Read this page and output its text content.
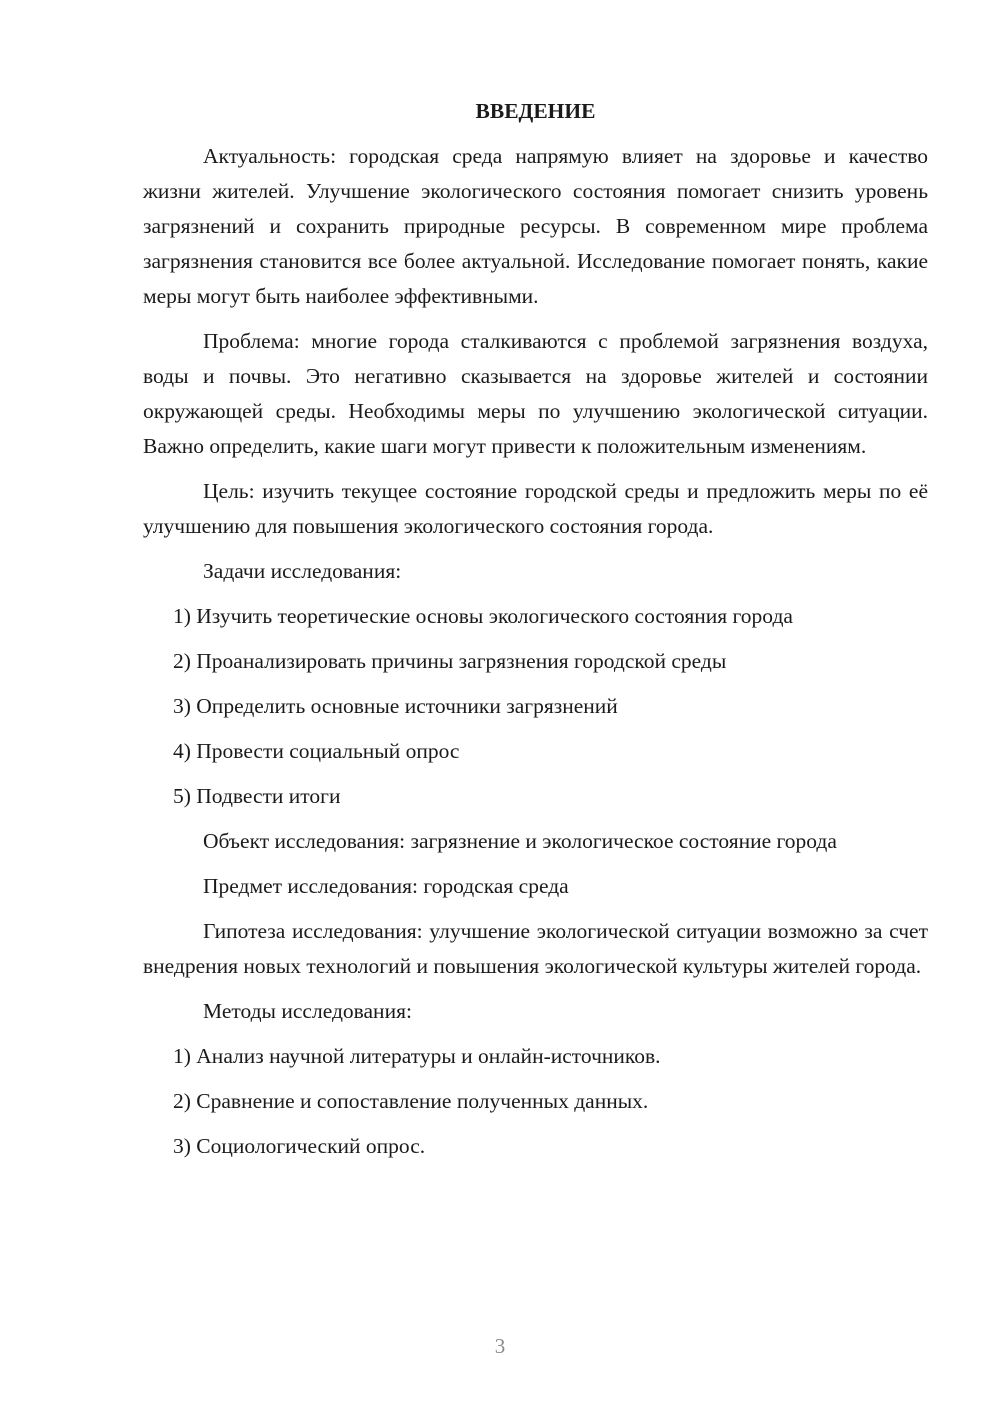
ВВЕДЕНИЕ

Актуальность: городская среда напрямую влияет на здоровье и качество жизни жителей. Улучшение экологического состояния помогает снизить уровень загрязнений и сохранить природные ресурсы. В современном мире проблема загрязнения становится все более актуальной. Исследование помогает понять, какие меры могут быть наиболее эффективными.

Проблема: многие города сталкиваются с проблемой загрязнения воздуха, воды и почвы. Это негативно сказывается на здоровье жителей и состоянии окружающей среды. Необходимы меры по улучшению экологической ситуации. Важно определить, какие шаги могут привести к положительным изменениям.

Цель: изучить текущее состояние городской среды и предложить меры по её улучшению для повышения экологического состояния города.

Задачи исследования:
1) Изучить теоретические основы экологического состояния города
2) Проанализировать причины загрязнения городской среды
3) Определить основные источники загрязнений
4) Провести социальный опрос
5) Подвести итоги

Объект исследования: загрязнение и экологическое состояние города

Предмет исследования: городская среда

Гипотеза исследования: улучшение экологической ситуации возможно за счет внедрения новых технологий и повышения экологической культуры жителей города.

Методы исследования:
1) Анализ научной литературы и онлайн-источников.
2) Сравнение и сопоставление полученных данных.
3) Социологический опрос.
3
